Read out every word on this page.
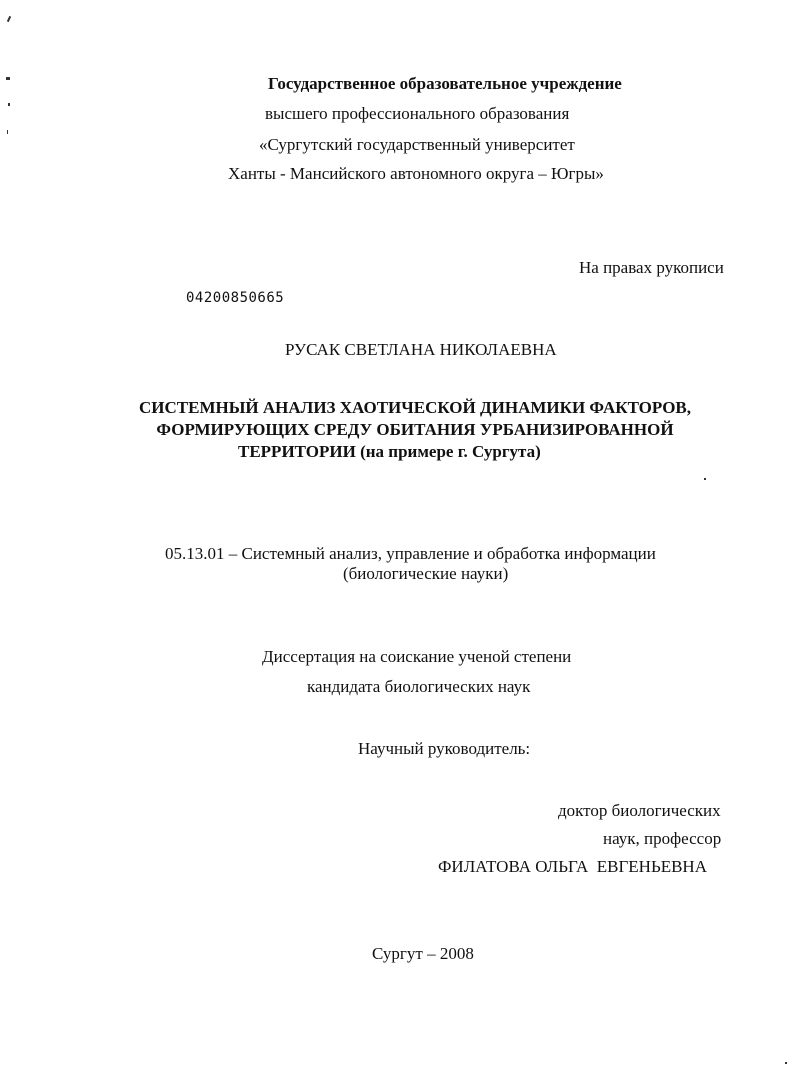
Государственное образовательное учреждение
высшего профессионального образования
«Сургутский государственный университет
Ханты - Мансийского автономного округа – Югры»
На правах рукописи
04200850665
РУСАК СВЕТЛАНА НИКОЛАЕВНА
СИСТЕМНЫЙ АНАЛИЗ ХАОТИЧЕСКОЙ ДИНАМИКИ ФАКТОРОВ,
ФОРМИРУЮЩИХ СРЕДУ ОБИТАНИЯ УРБАНИЗИРОВАННОЙ
ТЕРРИТОРИИ (на примере г. Сургута)
05.13.01 – Системный анализ, управление и обработка информации
(биологические науки)
Диссертация на соискание ученой степени
кандидата биологических наук
Научный руководитель:
доктор биологических
наук, профессор
ФИЛАТОВА ОЛЬГА  ЕВГЕНЬЕВНА
Сургут – 2008
